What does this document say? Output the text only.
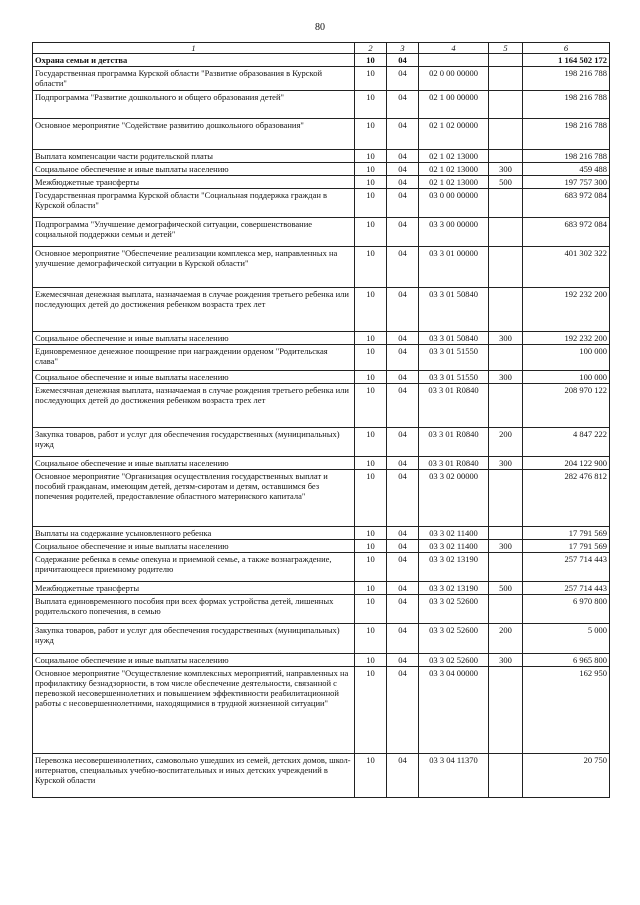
80
1	2	3	4	5	6
Охрана семьи и детства	10	04			1 164 502 172
Государственная программа Курской области "Развитие образования в Курской области"	10	04	02 0 00 00000		198 216 788
Подпрограмма "Развитие дошкольного и общего образования детей"	10	04	02 1 00 00000		198 216 788
Основное мероприятие "Содействие развитию дошкольного образования"	10	04	02 1 02 00000		198 216 788
Выплата компенсации части родительской платы	10	04	02 1 02 13000		198 216 788
Социальное обеспечение и иные выплаты населению	10	04	02 1 02 13000	300	459 488
Межбюджетные трансферты	10	04	02 1 02 13000	500	197 757 300
Государственная программа Курской области "Социальная поддержка граждан в Курской области"	10	04	03 0 00 00000		683 972 084
Подпрограмма "Улучшение демографической ситуации, совершенствование социальной поддержки семьи и детей"	10	04	03 3 00 00000		683 972 084
Основное мероприятие "Обеспечение реализации комплекса мер, направленных на улучшение демографической ситуации в Курской области"	10	04	03 3 01 00000		401 302 322
Ежемесячная денежная выплата, назначаемая в случае рождения третьего ребенка или последующих детей до достижения ребенком возраста трех лет	10	04	03 3 01 50840		192 232 200
Социальное обеспечение и иные выплаты населению	10	04	03 3 01 50840	300	192 232 200
Единовременное денежное поощрение при награждении орденом "Родительская слава"	10	04	03 3 01 51550		100 000
Социальное обеспечение и иные выплаты населению	10	04	03 3 01 51550	300	100 000
Ежемесячная денежная выплата, назначаемая в случае рождения третьего ребенка или последующих детей до достижения ребенком возраста трех лет	10	04	03 3 01 R0840		208 970 122
Закупка товаров, работ и услуг для обеспечения государственных (муниципальных) нужд	10	04	03 3 01 R0840	200	4 847 222
Социальное обеспечение и иные выплаты населению	10	04	03 3 01 R0840	300	204 122 900
Основное мероприятие "Организация осуществления государственных выплат и пособий гражданам, имеющим детей, детям-сиротам и детям, оставшимся без попечения родителей, предоставление областного материнского капитала"	10	04	03 3 02 00000		282 476 812
Выплаты на содержание усыновленного ребенка	10	04	03 3 02 11400		17 791 569
Социальное обеспечение и иные выплаты населению	10	04	03 3 02 11400	300	17 791 569
Содержание ребенка в семье опекуна и приемной семье, а также вознаграждение, причитающееся приемному родителю	10	04	03 3 02 13190		257 714 443
Межбюджетные трансферты	10	04	03 3 02 13190	500	257 714 443
Выплата единовременного пособия при всех формах устройства детей, лишенных родительского попечения, в семью	10	04	03 3 02 52600		6 970 800
Закупка товаров, работ и услуг для обеспечения государственных (муниципальных) нужд	10	04	03 3 02 52600	200	5 000
Социальное обеспечение и иные выплаты населению	10	04	03 3 02 52600	300	6 965 800
Основное мероприятие "Осуществление комплексных мероприятий, направленных на профилактику безнадзорности, в том числе обеспечение деятельности, связанной с перевозкой несовершеннолетних и повышением эффективности реабилитационной работы с несовершеннолетними, находящимися в трудной жизненной ситуации"	10	04	03 3 04 00000		162 950
Перевозка несовершеннолетних, самовольно ушедших из семей, детских домов, школ-интернатов, специальных учебно-воспитательных и иных детских учреждений в Курской области	10	04	03 3 04 11370		20 750
